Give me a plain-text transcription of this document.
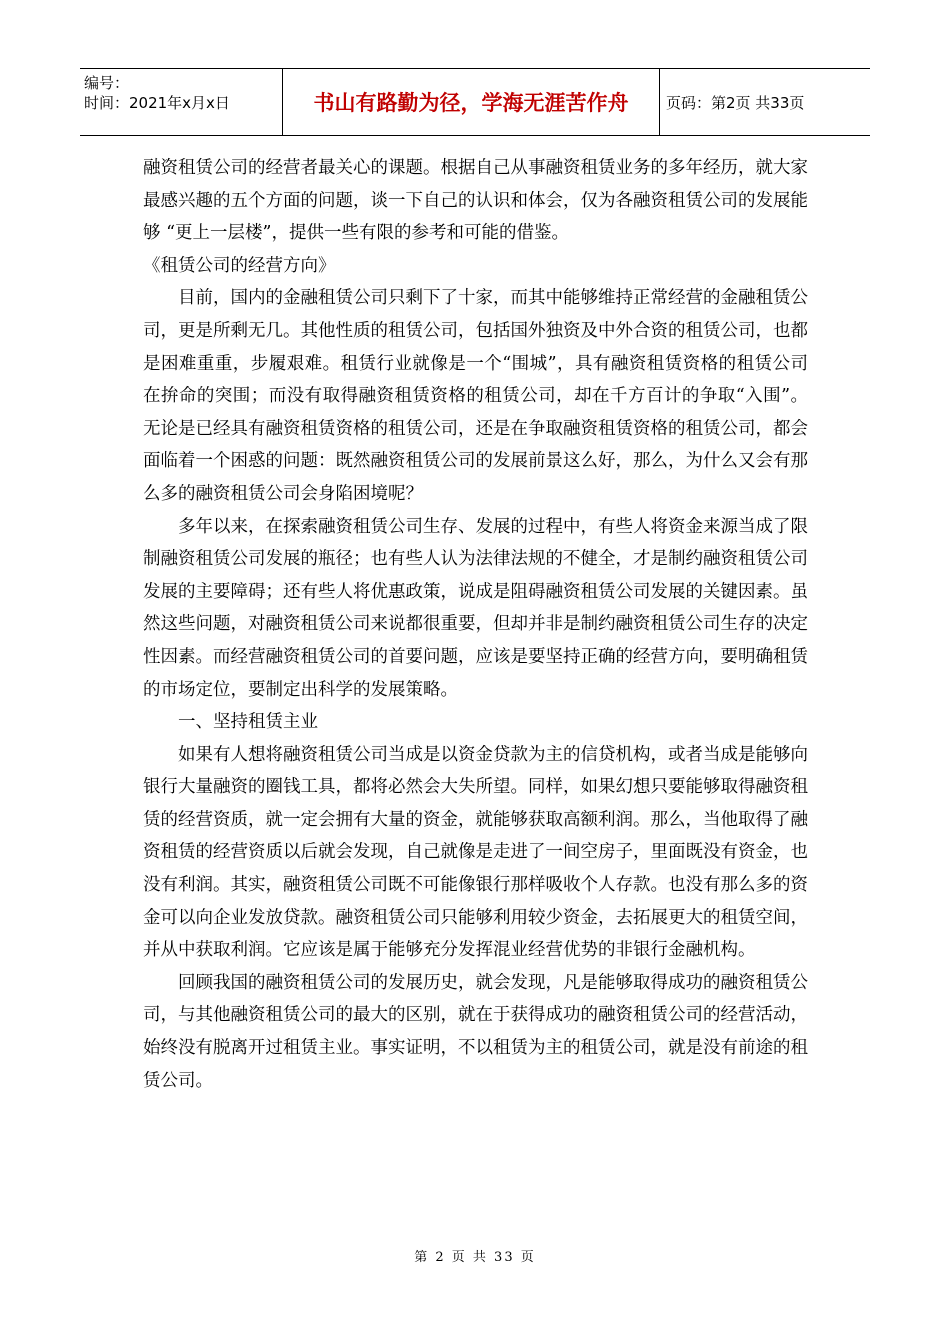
编号：
时间：2021年x月x日	书山有路勤为径，学海无涯苦作舟	页码：第2页 共33页

融资租赁公司的经营者最关心的课题。根据自己从事融资租赁业务的多年经历，就大家最感兴趣的五个方面的问题，谈一下自己的认识和体会，仅为各融资租赁公司的发展能够 “更上一层楼”，提供一些有限的参考和可能的借鉴。

《租赁公司的经营方向》

目前，国内的金融租赁公司只剩下了十家，而其中能够维持正常经营的金融租赁公司，更是所剩无几。其他性质的租赁公司，包括国外独资及中外合资的租赁公司，也都是困难重重，步履艰难。租赁行业就像是一个“围城”，具有融资租赁资格的租赁公司在拚命的突围；而没有取得融资租赁资格的租赁公司，却在千方百计的争取“入围”。无论是已经具有融资租赁资格的租赁公司，还是在争取融资租赁资格的租赁公司，都会面临着一个困惑的问题：既然融资租赁公司的发展前景这么好，那么，为什么又会有那么多的融资租赁公司会身陷困境呢？

多年以来，在探索融资租赁公司生存、发展的过程中，有些人将资金来源当成了限制融资租赁公司发展的瓶径；也有些人认为法律法规的不健全，才是制约融资租赁公司发展的主要障碍；还有些人将优惠政策，说成是阻碍融资租赁公司发展的关键因素。虽然这些问题，对融资租赁公司来说都很重要，但却并非是制约融资租赁公司生存的决定性因素。而经营融资租赁公司的首要问题，应该是要坚持正确的经营方向，要明确租赁的市场定位，要制定出科学的发展策略。

一、坚持租赁主业

如果有人想将融资租赁公司当成是以资金贷款为主的信贷机构，或者当成是能够向银行大量融资的圈钱工具，都将必然会大失所望。同样，如果幻想只要能够取得融资租赁的经营资质，就一定会拥有大量的资金，就能够获取高额利润。那么，当他取得了融资租赁的经营资质以后就会发现，自己就像是走进了一间空房子，里面既没有资金，也没有利润。其实，融资租赁公司既不可能像银行那样吸收个人存款。也没有那么多的资金可以向企业发放贷款。融资租赁公司只能够利用较少资金，去拓展更大的租赁空间，并从中获取利润。它应该是属于能够充分发挥混业经营优势的非银行金融机构。

回顾我国的融资租赁公司的发展历史，就会发现，凡是能够取得成功的融资租赁公司，与其他融资租赁公司的最大的区别，就在于获得成功的融资租赁公司的经营活动，始终没有脱离开过租赁主业。事实证明，不以租赁为主的租赁公司，就是没有前途的租赁公司。

第 2 页 共 33 页
